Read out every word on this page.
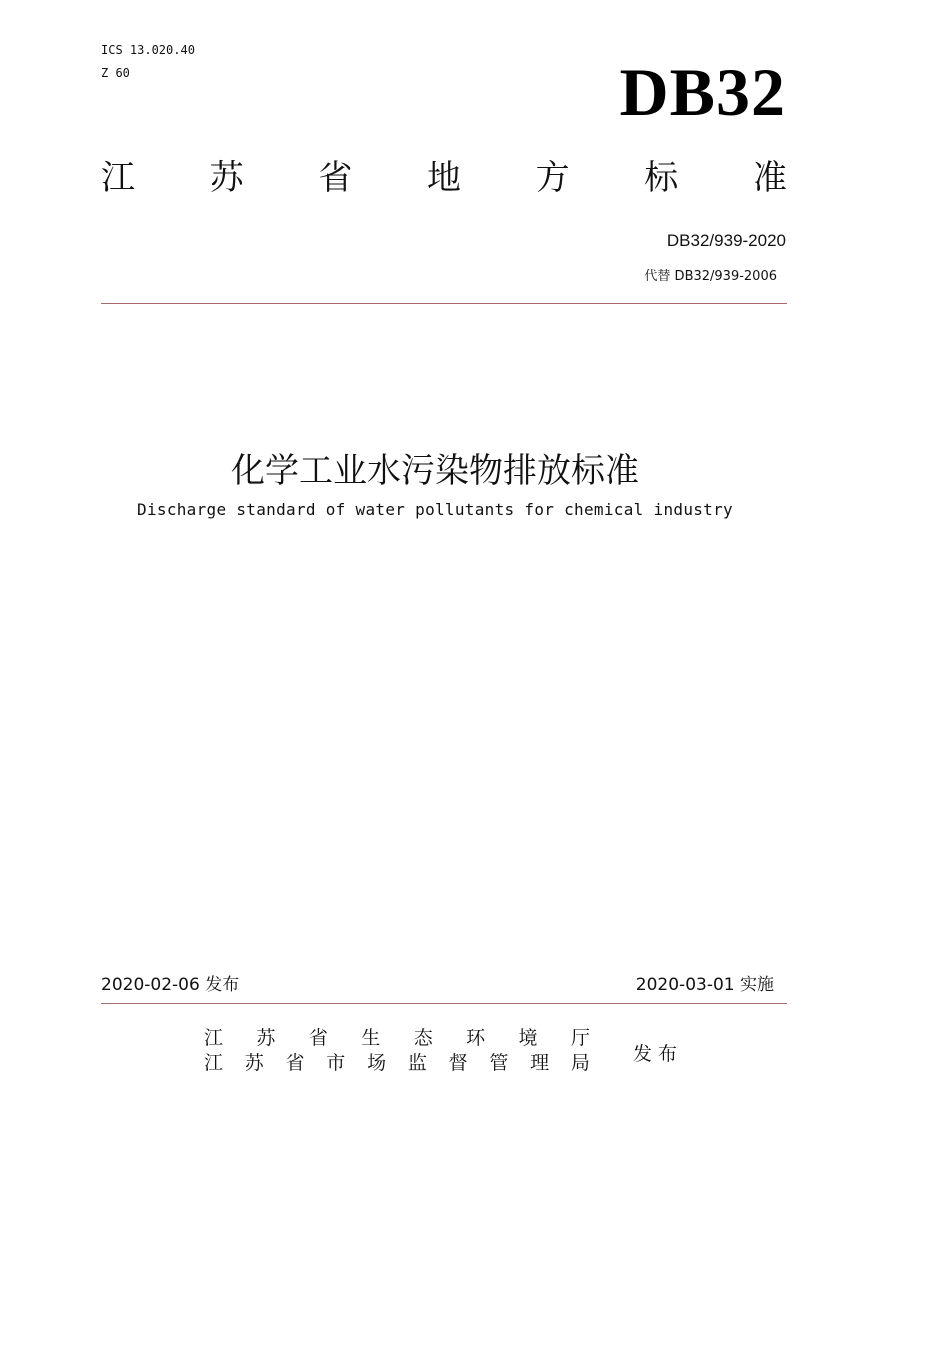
ICS 13.020.40
Z 60	DB32
江 苏 省 地 方 标 准
DB32/939-2020
代替 DB32/939-2006
化学工业水污染物排放标准
Discharge standard of water pollutants for chemical industry
2020-02-06 发布	2020-03-01 实施
江 苏 省 生 态 环 境 厅
江 苏 省 市 场 监 督 管 理 局 发布
